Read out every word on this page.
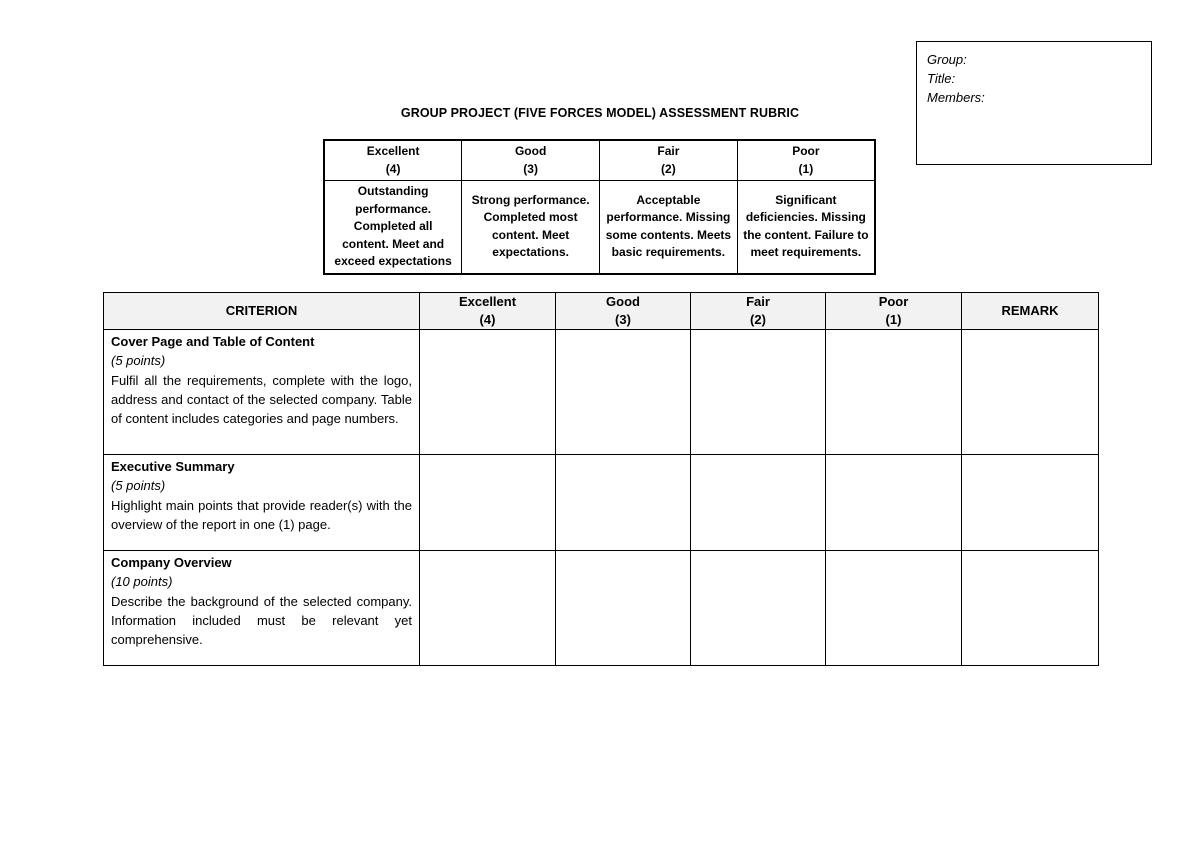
Group:
Title:
Members:
GROUP PROJECT (FIVE FORCES MODEL) ASSESSMENT RUBRIC
Excellent
(4)	Good
(3)	Fair
(2)	Poor
(1)

Outstanding performance. Completed all content. Meet and exceed expectations	Strong performance. Completed most content. Meet expectations.	Acceptable performance. Missing some contents. Meets basic requirements.	Significant deficiencies. Missing the content. Failure to meet requirements.
CRITERION	Excellent
(4)	Good
(3)	Fair
(2)	Poor
(1)	REMARK

Cover Page and Table of Content
(5 points)
Fulfil all the requirements, complete with the logo, address and contact of the selected company. Table of content includes categories and page numbers.					

Executive Summary
(5 points)
Highlight main points that provide reader(s) with the overview of the report in one (1) page.					

Company Overview
(10 points)
Describe the background of the selected company. Information included must be relevant yet comprehensive.					
